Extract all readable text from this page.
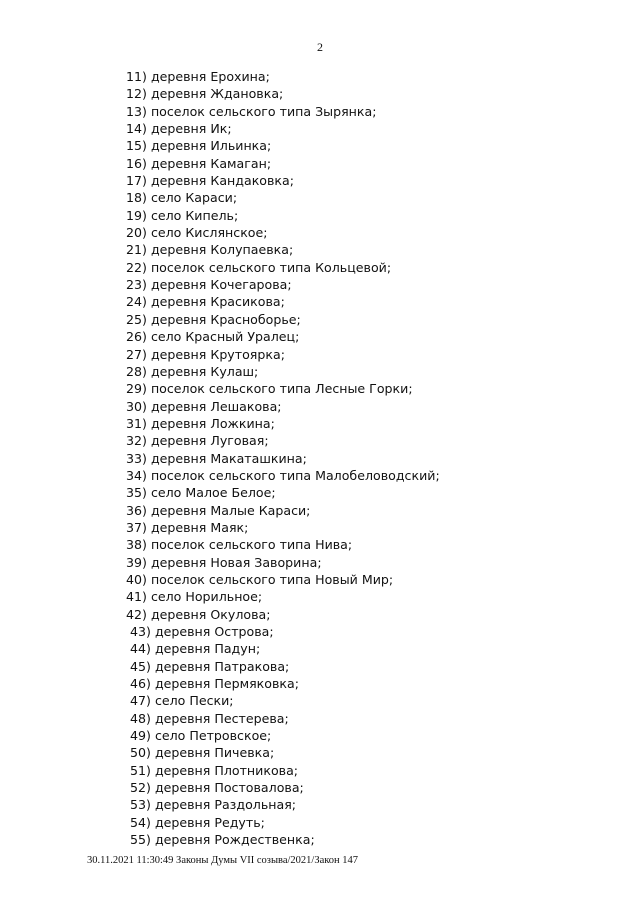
2
11) деревня Ерохина;
12) деревня Ждановка;
13) поселок сельского типа Зырянка;
14) деревня Ик;
15) деревня Ильинка;
16) деревня Камаган;
17) деревня Кандаковка;
18) село Караси;
19) село Кипель;
20) село Кислянское;
21) деревня Колупаевка;
22) поселок сельского типа Кольцевой;
23) деревня Кочегарова;
24) деревня Красикова;
25) деревня Красноборье;
26) село Красный Уралец;
27) деревня Крутоярка;
28) деревня Кулаш;
29) поселок сельского типа Лесные Горки;
30) деревня Лешакова;
31) деревня Ложкина;
32) деревня Луговая;
33) деревня Макаташкина;
34) поселок сельского типа Малобеловодский;
35) село Малое Белое;
36) деревня Малые Караси;
37) деревня Маяк;
38) поселок сельского типа Нива;
39) деревня Новая Заворина;
40) поселок сельского типа Новый Мир;
41) село Норильное;
42) деревня Окулова;
43) деревня Острова;
44) деревня Падун;
45) деревня Патракова;
46) деревня Пермяковка;
47) село Пески;
48) деревня Пестерева;
49) село Петровское;
50) деревня Пичевка;
51) деревня Плотникова;
52) деревня Постовалова;
53) деревня Раздольная;
54) деревня Редуть;
55) деревня Рождественка;
30.11.2021 11:30:49 Законы Думы VII созыва/2021/Закон 147
